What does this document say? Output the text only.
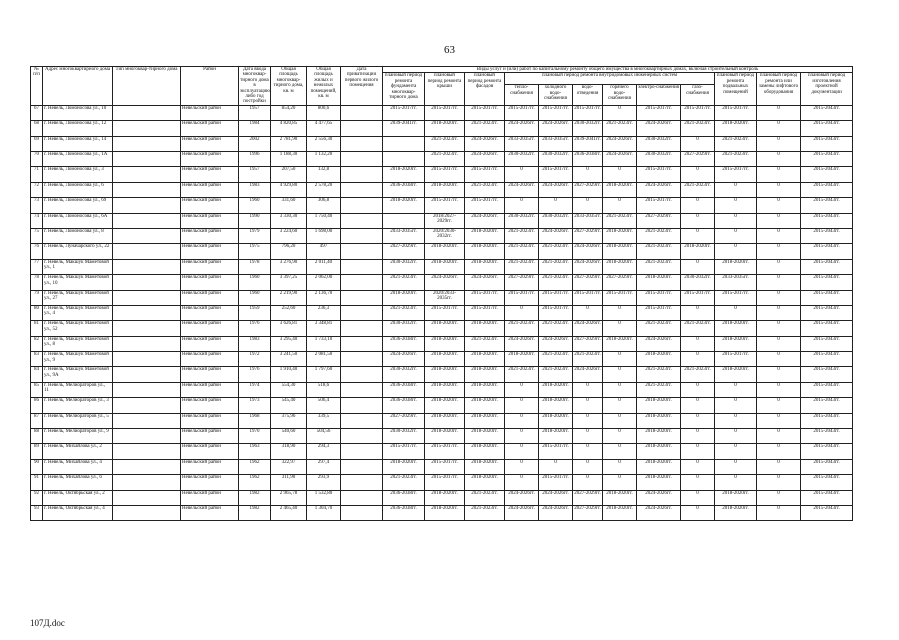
63
№ п/п	Адрес многоквартирного дома	Тип многоквар-тирного дома	Район	Дата ввода многоквар-тирного дома в эксплуатацию либо год постройки	Общая площадь многоквар-тирного дома, кв. м	Общая площадь жилых и нежилых помещений, кв. м	Дата приватизации первого жилого помещения	Виды услуг и (или) работ по капитальному ремонту общего имущества в многоквартирных домах, включая строительный контроль											
								плановый период ремонта фундамента многоквар-тирного дома	плановый период ремонта крыши	плановый период ремонта фасадов	плановый период ремонта внутридомовых инженерных систем						плановый период ремонта подвальных помещений	плановый период ремонта или замены лифтового оборудования	плановый период изготовления проектной документации
											тепло-снабжения	холодного водо-снабжения	водо-отведения	горячего водо-снабжения	электро-снабжения	газо-снабжения			
67	г. Невель, Ломоносова ул., 10		Невельский район	1957	854,20	800,6		2015-2017гг.	2015-2017гг.	2015-2017гг.	2015-2017гг.	2015-2017гг.	2015-2017гг.	0	2015-2017гг.	2015-2017гг.	2015-2017гг.	0	2015-2043гг.
68	г. Невель, Ломоносова ул., 12		Невельский район	1984	4 820,85	4 477,65		2039-2041гг.	2018-2020гг.	2021-2023гг.	2024-2026гг.	2024-2026гг.	2030-2032гг.	2021-2023гг.	2024-2026гг.	2021-2023гг.	2018-2020гг.	0	2015-2043гг.
69	г. Невель, Ломоносова ул., 14		Невельский район	2002	2 781,90	2 556,30			2021-2023гг.	2024-2026гг.	2033-2035гг.	2033-2035гг.	2039-2041гг.	2024-2026гг.	2030-2032гг.	0	2021-2023гг.	0	2015-2043гг.
70	г. Невель, Ломоносова ул., 1А		Невельский район	1996	1 188,30	1 132,20			2021-2023гг.	2024-2026гг.	2030-2032гг.	2030-2032гг.	2036-2038гг.	2024-2026гг.	2030-2032гг.	2027-2029гг.	2021-2023гг.	0	2015-2043гг.
71	г. Невель, Ломоносова ул., 3		Невельский район	1957	207,50	132,8		2018-2020гг.	2015-2017гг.	2015-2017гг.	0	2015-2017гг.	0	0	2015-2017гг.	0	2015-2017гг.	0	2015-2043гг.
72	г. Невель, Ломоносова ул., 6		Невельский район	1983	4 929,80	2 578,20		2036-2038гг.	2018-2020гг.	2021-2023гг.	2024-2026гг.	2024-2026гг.	2027-2029гг.	2018-2020гг.	2024-2026гг.	2021-2023гг.	0	0	2015-2043гг.
73	г. Невель, Ломоносова ул., 69		Невельский район	1960	331,60	306,8		2018-2020гг.	2015-2017гг.	2015-2017гг.	0	0	0	0	2015-2017гг.	0	0	0	2015-2043гг.
74	г. Невель, Ломоносова ул., 6А		Невельский район	1990	3 330,30	1 750,40			2018/2027-2029гг.	2024-2026гг.	2030-2032гг.	2030-2032гг.	2033-2035гг.	2021-2023гг.	2027-2029гг.	0	0	0	2015-2043гг.
75	г. Невель, Ломоносова ул., 8		Невельский район	1979	3 224,60	1 698,00		2033-2035гг.	2020/2030-2032гг.	2018-2020гг.	2021-2023гг.	2024-2026гг.	2027-2029гг.	2018-2020гг.	2021-2023гг.	0	0	0	2015-2043гг.
76	г. Невель, Луначарского ул., 22		Невельский район	1975	796,20	497		2027-2029гг.	2018-2020гг.	2018-2020гг.	2021-2023гг.	2021-2023гг.	2024-2026гг.	2018-2020гг.	2021-2023гг.	2018-2020гг.	0	0	2015-2043гг.
77	г. Невель, Макшук Маметовой ул., 1		Невельский район	1978	3 276,90	2 011,40		2030-2032гг.	2018-2020гг.	2018-2020гг.	2021-2023гг.	2021-2023гг.	2024-2026гг.	2018-2020гг.	2021-2023гг.	0	2018-2020гг.	0	2015-2043гг.
78	г. Невель, Макшук Маметовой ул., 10		Невельский район	1960	3 397,25	2 062,00		2021-2023гг.	2024-2026гг.	2024-2026гг.	2027-2029гг.	2021-2023гг.	2027-2029гг.	2027-2029гг.	2018-2020гг.	2030-2032гг.	2033-2035гг.	0	2015-2043гг.
79	г. Невель, Макшук Маметовой ул., 27		Невельский район	1960	2 219,90	2 136,70		2018-2020гг.	2020/2033-2035гг.	2015-2017гг.	2015-2017гг.	2015-2017гг.	2015-2017гг.	2015-2017гг.	2015-2017гг.	2015-2017гг.	2015-2017гг.	0	2015-2043гг.
80	г. Невель, Макшук Маметовой ул., 4		Невельский район	1959	252,60	236,3		2021-2023гг.	2015-2017гг.	2015-2017гг.	0	2015-2017гг.	0	0	2015-2017гг.	0	0	0	2015-2043гг.
81	г. Невель, Макшук Маметовой ул., 52		Невельский район	1976	3 626,81	3 348,81		2030-2032гг.	2018-2020гг.	2018-2020гг.	2021-2023гг.	2021-2023гг.	2024-2026гг.	0	2021-2023гг.	2021-2023гг.	2018-2020гг.	0	2015-2043гг.
82	г. Невель, Макшук Маметовой ул., 8		Невельский район	1983	3 295,40	1 733,10		2036-2038гг.	2018-2020гг.	2021-2023гг.	2024-2026гг.	2024-2026гг.	2027-2029гг.	2018-2020гг.	2024-2026гг.	0	2018-2020гг.	0	2015-2043гг.
83	г. Невель, Макшук Маметовой ул., 9		Невельский район	1972	3 241,50	2 081,50		2024-2026гг.	2018-2020гг.	2018-2020гг.	2018-2020гг.	2021-2023гг.	2021-2023гг.	0	2018-2020гг.	0	2015-2017гг.	0	2015-2043гг.
84	г. Невель, Макшук Маметовой ул., 9А		Невельский район	1976	1 910,40	1 797,60		2030-2032гг.	2018-2020гг.	2018-2020гг.	2021-2023гг.	2021-2023гг.	2024-2026гг.	0	2021-2023гг.	2021-2023гг.	2018-2020гг.	0	2015-2043гг.
85	г. Невель, Мелиораторов ул., 11		Невельский район	1974	554,30	518,6		2036-2038гг.	2018-2020гг.	2018-2020гг.	0	2018-2020гг.	0	0	2021-2023гг.	0	0	0	2015-2043гг.
86	г. Невель, Мелиораторов ул., 3		Невельский район	1973	545,40	506,4		2036-2038гг.	2018-2020гг.	2018-2020гг.	0	2018-2020гг.	0	0	2018-2020гг.	0	0	0	2015-2043гг.
87	г. Невель, Мелиораторов ул., 5		Невельский район	1968	375,96	339,5		2027-2029гг.	2018-2020гг.	2018-2020гг.	0	2018-2020гг.	0	0	2018-2020гг.	0	0	0	2015-2043гг.
88	г. Невель, Мелиораторов ул., 9		Невельский район	1970	540,60	504,56		2030-2032гг.	2018-2020гг.	2018-2020гг.	0	2018-2020гг.	0	0	2018-2020гг.	0	0	0	2015-2043гг.
89	г. Невель, Михайлова ул., 2		Невельский район	1963	318,90	294,3		2015-2017гг.	2015-2017гг.	2018-2020гг.	0	2015-2017гг.	0	0	2018-2020гг.	0	0	0	2015-2043гг.
90	г. Невель, Михайлова ул., 4		Невельский район	1962	322,97	297,4		2018-2020гг.	2015-2017гг.	2018-2020гг.	0	0	0	0	2018-2020гг.	0	0	0	2015-2043гг.
91	г. Невель, Михайлова ул., 6		Невельский район	1962	311,90	293,9		2021-2023гг.	2015-2017гг.	2018-2020гг.	0	2015-2017гг.	0	0	2018-2020гг.	0	0	0	2015-2043гг.
92	г. Невель, Октябрьская ул., 2		Невельский район	1982	2 965,78	1 532,80		2036-2038гг.	2018-2020гг.	2021-2023гг.	2024-2026гг.	2024-2026гг.	2027-2029гг.	2018-2020гг.	2024-2026гг.	0	2018-2020гг.	0	2015-2043гг.
93	г. Невель, Октябрьская ул., 4		Невельский район	1982	2 465,40	1 304,70		2036-2038гг.	2018-2020гг.	2021-2023гг.	2024-2026гг.	2024-2026гг.	2027-2029гг.	2018-2020гг.	2024-2026гг.	0	2018-2020гг.	0	2015-2043гг.
107Д.doc
